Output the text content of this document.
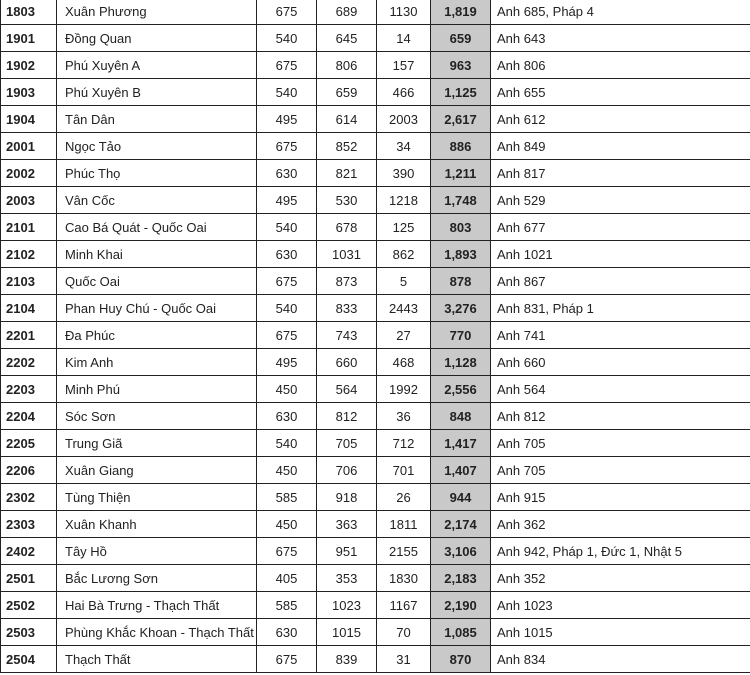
1803	Xuân Phương	675	689	1130	1,819	Anh 685, Pháp 4
1901	Đồng Quan	540	645	14	659	Anh 643
1902	Phú Xuyên A	675	806	157	963	Anh 806
1903	Phú Xuyên B	540	659	466	1,125	Anh 655
1904	Tân Dân	495	614	2003	2,617	Anh 612
2001	Ngọc Tảo	675	852	34	886	Anh 849
2002	Phúc Thọ	630	821	390	1,211	Anh 817
2003	Vân Cốc	495	530	1218	1,748	Anh 529
2101	Cao Bá Quát - Quốc Oai	540	678	125	803	Anh 677
2102	Minh Khai	630	1031	862	1,893	Anh 1021
2103	Quốc Oai	675	873	5	878	Anh 867
2104	Phan Huy Chú - Quốc Oai	540	833	2443	3,276	Anh 831, Pháp 1
2201	Đa Phúc	675	743	27	770	Anh 741
2202	Kim Anh	495	660	468	1,128	Anh 660
2203	Minh Phú	450	564	1992	2,556	Anh 564
2204	Sóc Sơn	630	812	36	848	Anh 812
2205	Trung Giã	540	705	712	1,417	Anh 705
2206	Xuân Giang	450	706	701	1,407	Anh 705
2302	Tùng Thiện	585	918	26	944	Anh 915
2303	Xuân Khanh	450	363	1811	2,174	Anh 362
2402	Tây Hồ	675	951	2155	3,106	Anh 942, Pháp 1, Đức 1, Nhật 5
2501	Bắc Lương Sơn	405	353	1830	2,183	Anh 352
2502	Hai Bà Trưng - Thạch Thất	585	1023	1167	2,190	Anh 1023
2503	Phùng Khắc Khoan - Thạch Thất	630	1015	70	1,085	Anh 1015
2504	Thạch Thất	675	839	31	870	Anh 834
